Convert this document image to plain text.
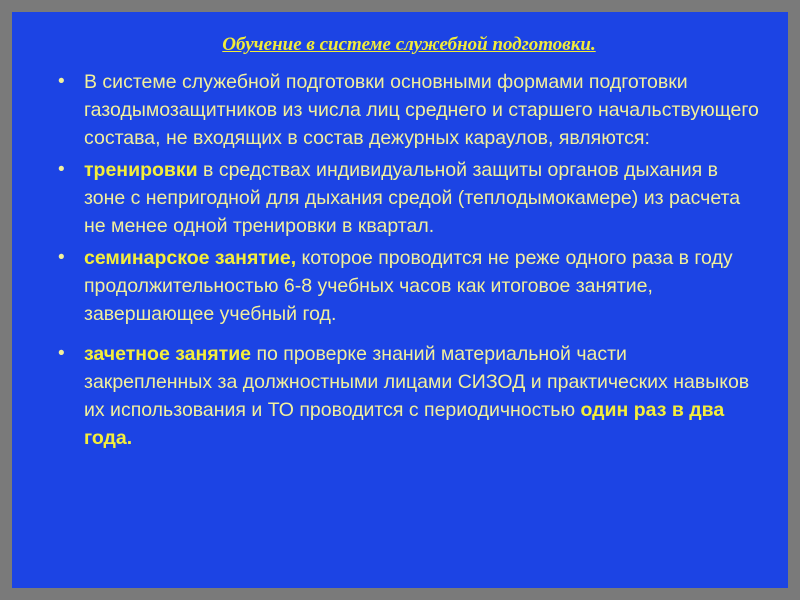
Обучение в системе служебной подготовки.
• В системе служебной подготовки основными формами подготовки газодымозащитников из числа лиц среднего и старшего начальствующего состава, не входящих в состав дежурных караулов, являются:
• тренировки в средствах индивидуальной защиты органов дыхания в зоне с непригодной для дыхания средой (теплодымокамере) из расчета не менее одной тренировки в квартал.
• семинарское занятие, которое проводится не реже одного раза в году продолжительностью 6-8 учебных часов как итоговое занятие, завершающее учебный год.
• зачетное занятие по проверке знаний материальной части закрепленных за должностными лицами СИЗОД и практических навыков их использования и ТО проводится с периодичностью один раз в два года.
